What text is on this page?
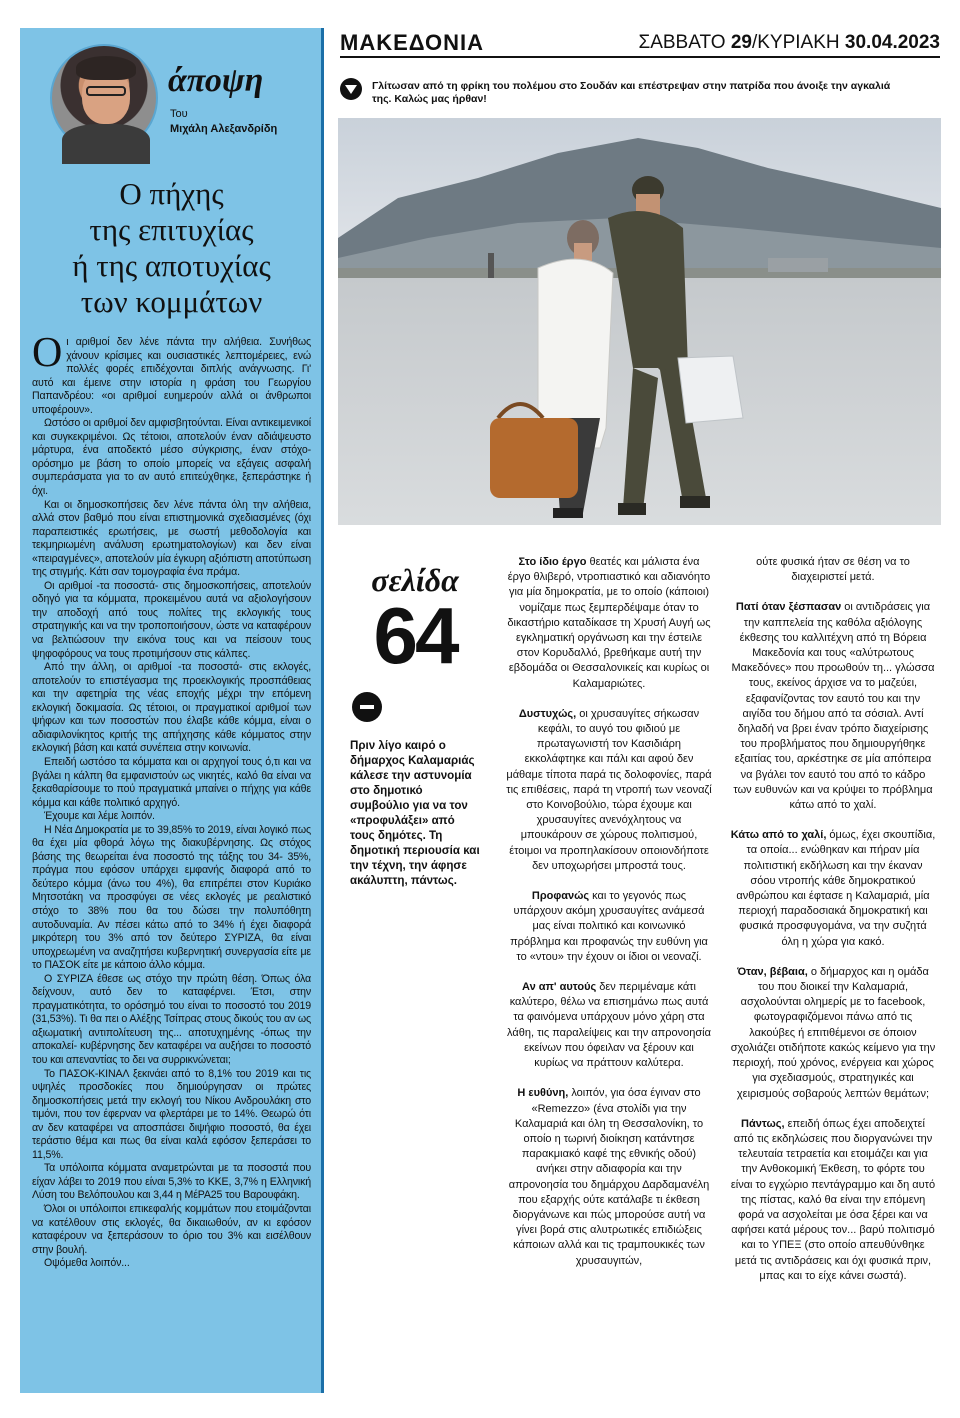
άποψη
Του
Μιχάλη Αλεξανδρίδη
Ο πήχης
της επιτυχίας
ή της αποτυχίας
των κομμάτων

Οι αριθμοί δεν λένε πάντα την αλήθεια. Συνήθως χάνουν κρίσιμες και ουσιαστικές λεπτομέρειες, ενώ πολλές φορές επιδέχονται διπλής ανάγνωσης. Γι' αυτό και έμεινε στην ιστορία η φράση του Γεωργίου Παπανδρέου: «οι αριθμοί ευημερούν αλλά οι άνθρωποι υποφέρουν».

Ωστόσο οι αριθμοί δεν αμφισβητούνται. Είναι αντικειμενικοί και συγκεκριμένοι. Ως τέτοιοι, αποτελούν έναν αδιάψευστο μάρτυρα, ένα αποδεκτό μέσο σύγκρισης, έναν στόχο-ορόσημο με βάση το οποίο μπορείς να εξάγεις ασφαλή συμπεράσματα για το αν αυτό επιτεύχθηκε, ξεπεράστηκε ή όχι.

Και οι δημοσκοπήσεις δεν λένε πάντα όλη την αλήθεια, αλλά στον βαθμό που είναι επιστημονικά σχεδιασμένες (όχι παραπειστικές ερωτήσεις, με σωστή μεθοδολογία και τεκμηριωμένη ανάλυση ερωτηματολογίων) και δεν είναι «πειραγμένες», αποτελούν μία έγκυρη αξιόπιστη αποτύπωση της στιγμής. Κάτι σαν τομογραφία ένα πράμα.

Οι αριθμοί -τα ποσοστά- στις δημοσκοπήσεις, αποτελούν οδηγό για τα κόμματα, προκειμένου αυτά να αξιολογήσουν την αποδοχή από τους πολίτες της εκλογικής τους στρατηγικής και να την τροποποιήσουν, ώστε να καταφέρουν να βελτιώσουν την εικόνα τους και να πείσουν τους ψηφοφόρους να τους προτιμήσουν στις κάλπες.

Από την άλλη, οι αριθμοί -τα ποσοστά- στις εκλογές, αποτελούν το επιστέγασμα της προεκλογικής προσπάθειας και την αφετηρία της νέας εποχής μέχρι την επόμενη εκλογική δοκιμασία. Ως τέτοιοι, οι πραγματικοί αριθμοί των ψήφων και των ποσοστών που έλαβε κάθε κόμμα, είναι ο αδιαφιλονίκητος κριτής της απήχησης κάθε κόμματος στην εκλογική βάση και κατά συνέπεια στην κοινωνία.

Επειδή ωστόσο τα κόμματα και οι αρχηγοί τους ό,τι και να βγάλει η κάλπη θα εμφανιστούν ως νικητές, καλό θα είναι να ξεκαθαρίσουμε το πού πραγματικά μπαίνει ο πήχης για κάθε κόμμα και κάθε πολιτικό αρχηγό.

Έχουμε και λέμε λοιπόν.

Η Νέα Δημοκρατία με το 39,85% το 2019, είναι λογικό πως θα έχει μία φθορά λόγω της διακυβέρνησης. Ως στόχος βάσης της θεωρείται ένα ποσοστό της τάξης του 34- 35%, πράγμα που εφόσον υπάρχει εμφανής διαφορά από το δεύτερο κόμμα (άνω του 4%), θα επιτρέπει στον Κυριάκο Μητσοτάκη να προσφύγει σε νέες εκλογές με ρεαλιστικό στόχο το 38% που θα του δώσει την πολυπόθητη αυτοδυναμία. Αν πέσει κάτω από το 34% ή έχει διαφορά μικρότερη του 3% από τον δεύτερο ΣΥΡΙΖΑ, θα είναι υποχρεωμένη να αναζητήσει κυβερνητική συνεργασία είτε με το ΠΑΣΟΚ είτε με κάποιο άλλο κόμμα.

Ο ΣΥΡΙΖΑ έθεσε ως στόχο την πρώτη θέση. Όπως όλα δείχνουν, αυτό δεν το καταφέρνει. Έτσι, στην πραγματικότητα, το ορόσημό του είναι το ποσοστό του 2019 (31,53%). Τι θα πει ο Αλέξης Τσίπρας στους δικούς του αν ως αξιωματική αντιπολίτευση της... αποτυχημένης -όπως την αποκαλεί- κυβέρνησης δεν καταφέρει να αυξήσει το ποσοστό του και απεναντίας το δει να συρρικνώνεται;

Το ΠΑΣΟΚ-ΚΙΝΑΛ ξεκινάει από το 8,1% του 2019 και τις υψηλές προσδοκίες που δημιούργησαν οι πρώτες δημοσκοπήσεις μετά την εκλογή του Νίκου Ανδρουλάκη στο τιμόνι, που τον έφερναν να φλερτάρει με το 14%. Θεωρώ ότι αν δεν καταφέρει να αποσπάσει διψήφιο ποσοστό, θα έχει τεράστιο θέμα και πως θα είναι καλά εφόσον ξεπεράσει το 11,5%.

Τα υπόλοιπα κόμματα αναμετρώνται με τα ποσοστά που είχαν λάβει το 2019 που είναι 5,3% το ΚΚΕ, 3,7% η Ελληνική Λύση του Βελόπουλου και 3,44 η ΜέΡΑ25 του Βαρουφάκη.

Όλοι οι υπόλοιποι επικεφαλής κομμάτων που ετοιμάζονται να κατέλθουν στις εκλογές, θα δικαιωθούν, αν κι εφόσον καταφέρουν να ξεπεράσουν το όριο του 3% και εισέλθουν στην βουλή.

Οψόμεθα λοιπόν...

ΜΑΚΕΔΟΝΙΑ	ΣΑΒΒΑΤΟ 29/ΚΥΡΙΑΚΗ 30.04.2023
Γλίτωσαν από τη φρίκη του πολέμου στο Σουδάν και επέστρεψαν στην πατρίδα που άνοιξε την αγκαλιά της. Καλώς μας ήρθαν!
σελίδα
64
Πριν λίγο καιρό ο δήμαρχος Καλαμαριάς κάλεσε την αστυνομία στο δημοτικό συμβούλιο για να τον «προφυλάξει» από τους δημότες. Τη δημοτική περιουσία και την τέχνη, την άφησε ακάλυπτη, πάντως.

Στο ίδιο έργο θεατές και μάλιστα ένα έργο θλιβερό, ντροπιαστικό και αδιανόητο για μία δημοκρατία, με το οποίο (κάποιοι) νομίζαμε πως ξεμπερδέψαμε όταν το δικαστήριο καταδίκασε τη Χρυσή Αυγή ως εγκληματική οργάνωση και την έστειλε στον Κορυδαλλό, βρεθήκαμε αυτή την εβδομάδα οι Θεσσαλονικείς και κυρίως οι Καλαμαριώτες.

Δυστυχώς, οι χρυσαυγίτες σήκωσαν κεφάλι, το αυγό του φιδιού με πρωταγωνιστή τον Κασιδιάρη εκκολάφτηκε και πάλι και αφού δεν μάθαμε τίποτα παρά τις δολοφονίες, παρά τις επιθέσεις, παρά τη ντροπή των νεοναζί στο Κοινοβούλιο, τώρα έχουμε και χρυσαυγίτες ανενόχλητους να μπουκάρουν σε χώρους πολιτισμού, έτοιμοι να προπηλακίσουν οποιονδήποτε δεν υποχωρήσει μπροστά τους.

Προφανώς και το γεγονός πως υπάρχουν ακόμη χρυσαυγίτες ανάμεσά μας είναι πολιτικό και κοινωνικό πρόβλημα και προφανώς την ευθύνη για το «ντου» την έχουν οι ίδιοι οι νεοναζί.

Αν απ' αυτούς δεν περιμέναμε κάτι καλύτερο, θέλω να επισημάνω πως αυτά τα φαινόμενα υπάρχουν μόνο χάρη στα λάθη, τις παραλείψεις και την απρονοησία εκείνων που όφειλαν να ξέρουν και κυρίως να πράττουν καλύτερα.

Η ευθύνη, λοιπόν, για όσα έγιναν στο «Remezzo» (ένα στολίδι για την Καλαμαριά και όλη τη Θεσσαλονίκη, το οποίο η τωρινή διοίκηση κατάντησε παρακμιακό καφέ της εθνικής οδού) ανήκει στην αδιαφορία και την απρονοησία του δημάρχου Δαρδαμανέλη που εξαρχής ούτε κατάλαβε τι έκθεση διοργάνωνε και πώς μπορούσε αυτή να γίνει βορά στις αλυτρωτικές επιδιώξεις κάποιων αλλά και τις τραμπουκικές των χρυσαυγιτών,

ούτε φυσικά ήταν σε θέση να το διαχειριστεί μετά.

Πατί όταν ξέσπασαν οι αντιδράσεις για την καππελεία της καθόλα αξιόλογης έκθεσης του καλλιτέχνη από τη Βόρεια Μακεδονία και τους «αλύτρωτους Μακεδόνες» που προωθούν τη... γλώσσα τους, εκείνος άρχισε να το μαζεύει, εξαφανίζοντας τον εαυτό του και την αιγίδα του δήμου από τα σόσιαλ. Αντί δηλαδή να βρει έναν τρόπο διαχείρισης του προβλήματος που δημιουργήθηκε εξαιτίας του, αρκέστηκε σε μία απόπειρα να βγάλει τον εαυτό του από το κάδρο των ευθυνών και να κρύψει το πρόβλημα κάτω από το χαλί.

Κάτω από το χαλί, όμως, έχει σκουπίδια, τα οποία... ενώθηκαν και πήραν μία πολιτιστική εκδήλωση και την έκαναν σόου ντροπής κάθε δημοκρατικού ανθρώπου και έφτασε η Καλαμαριά, μία περιοχή παραδοσιακά δημοκρατική και φυσικά προσφυγομάνα, να την συζητά όλη η χώρα για κακό.

Όταν, βέβαια, ο δήμαρχος και η ομάδα του που διοικεί την Καλαμαριά, ασχολούνται ολημερίς με το facebook, φωτογραφιζόμενοι πάνω από τις λακούβες ή επιτιθέμενοι σε όποιον σχολιάζει οτιδήποτε κακώς κείμενο για την περιοχή, πού χρόνος, ενέργεια και χώρος για σχεδιασμούς, στρατηγικές και χειρισμούς σοβαρούς λεπτών θεμάτων;

Πάντως, επειδή όπως έχει αποδειχτεί από τις εκδηλώσεις που διοργανώνει την τελευταία τετραετία και ετοιμάζει και για την Ανθοκομική Έκθεση, το φόρτε του είναι το εγχώριο πεντάγραμμο και δη αυτό της πίστας, καλό θα είναι την επόμενη φορά να ασχολείται με όσα ξέρει και να αφήσει κατά μέρους τον... βαρύ πολιτισμό και το ΥΠΕΞ (στο οποίο απευθύνθηκε μετά τις αντιδράσεις και όχι φυσικά πριν, μπας και το είχε κάνει σωστά).
